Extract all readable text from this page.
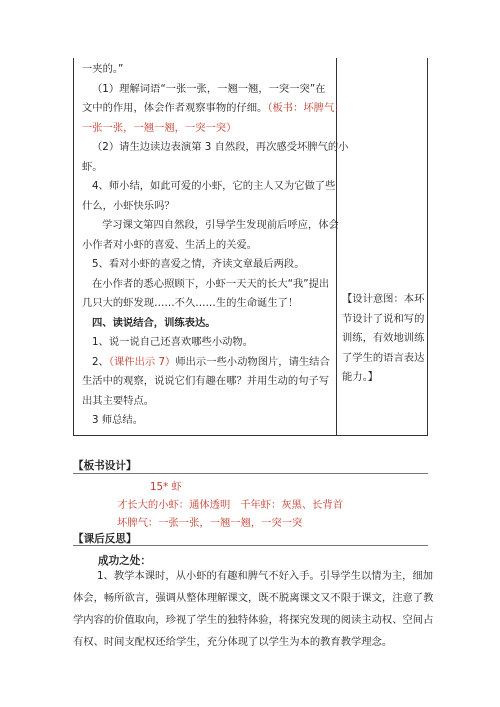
一夹的。”
（1）理解词语“一张一张，一翘一翘，一突一突”在
文中的作用，体会作者观察事物的仔细。（板书：坏脾气：
一张一张，一翘一翘，一突一突）
（2）请生边读边表演第 3 自然段，再次感受坏脾气的小
虾。
4、师小结，如此可爱的小虾，它的主人又为它做了些
什么，小虾快乐吗？
学习课文第四自然段，引导学生发现前后呼应，体会
小作者对小虾的喜爱、生活上的关爱。
5、看对小虾的喜爱之情，齐读文章最后两段。
在小作者的悉心照顾下，小虾一天天的长大“我”提出
几只大的虾发现……不久……生的生命诞生了！
四、读说结合，训练表达。
1、说一说自己还喜欢哪些小动物。
2、（课件出示 7）师出示一些小动物图片，请生结合
生活中的观察，说说它们有趣在哪？并用生动的句子写
出其主要特点。
3 师总结。
【设计意图：本环
节设计了说和写的
训练，有效地训练
了学生的语言表达
能力。】
【板书设计】
15* 虾
才长大的小虾：通体透明 千年虾：灰黑、长背首
坏脾气：一张一张，一翘一翘，一突一突
【课后反思】
成功之处：
1、教学本课时，从小虾的有趣和脾气不好入手。引导学生以情为主，细加
体会，畅所欲言，强调从整体理解课文，既不脱离课文又不限于课文，注意了教
学内容的价值取向，珍视了学生的独特体验，将探究发现的阅读主动权、空间占
有权、时间支配权还给学生，充分体现了以学生为本的教育教学理念。
